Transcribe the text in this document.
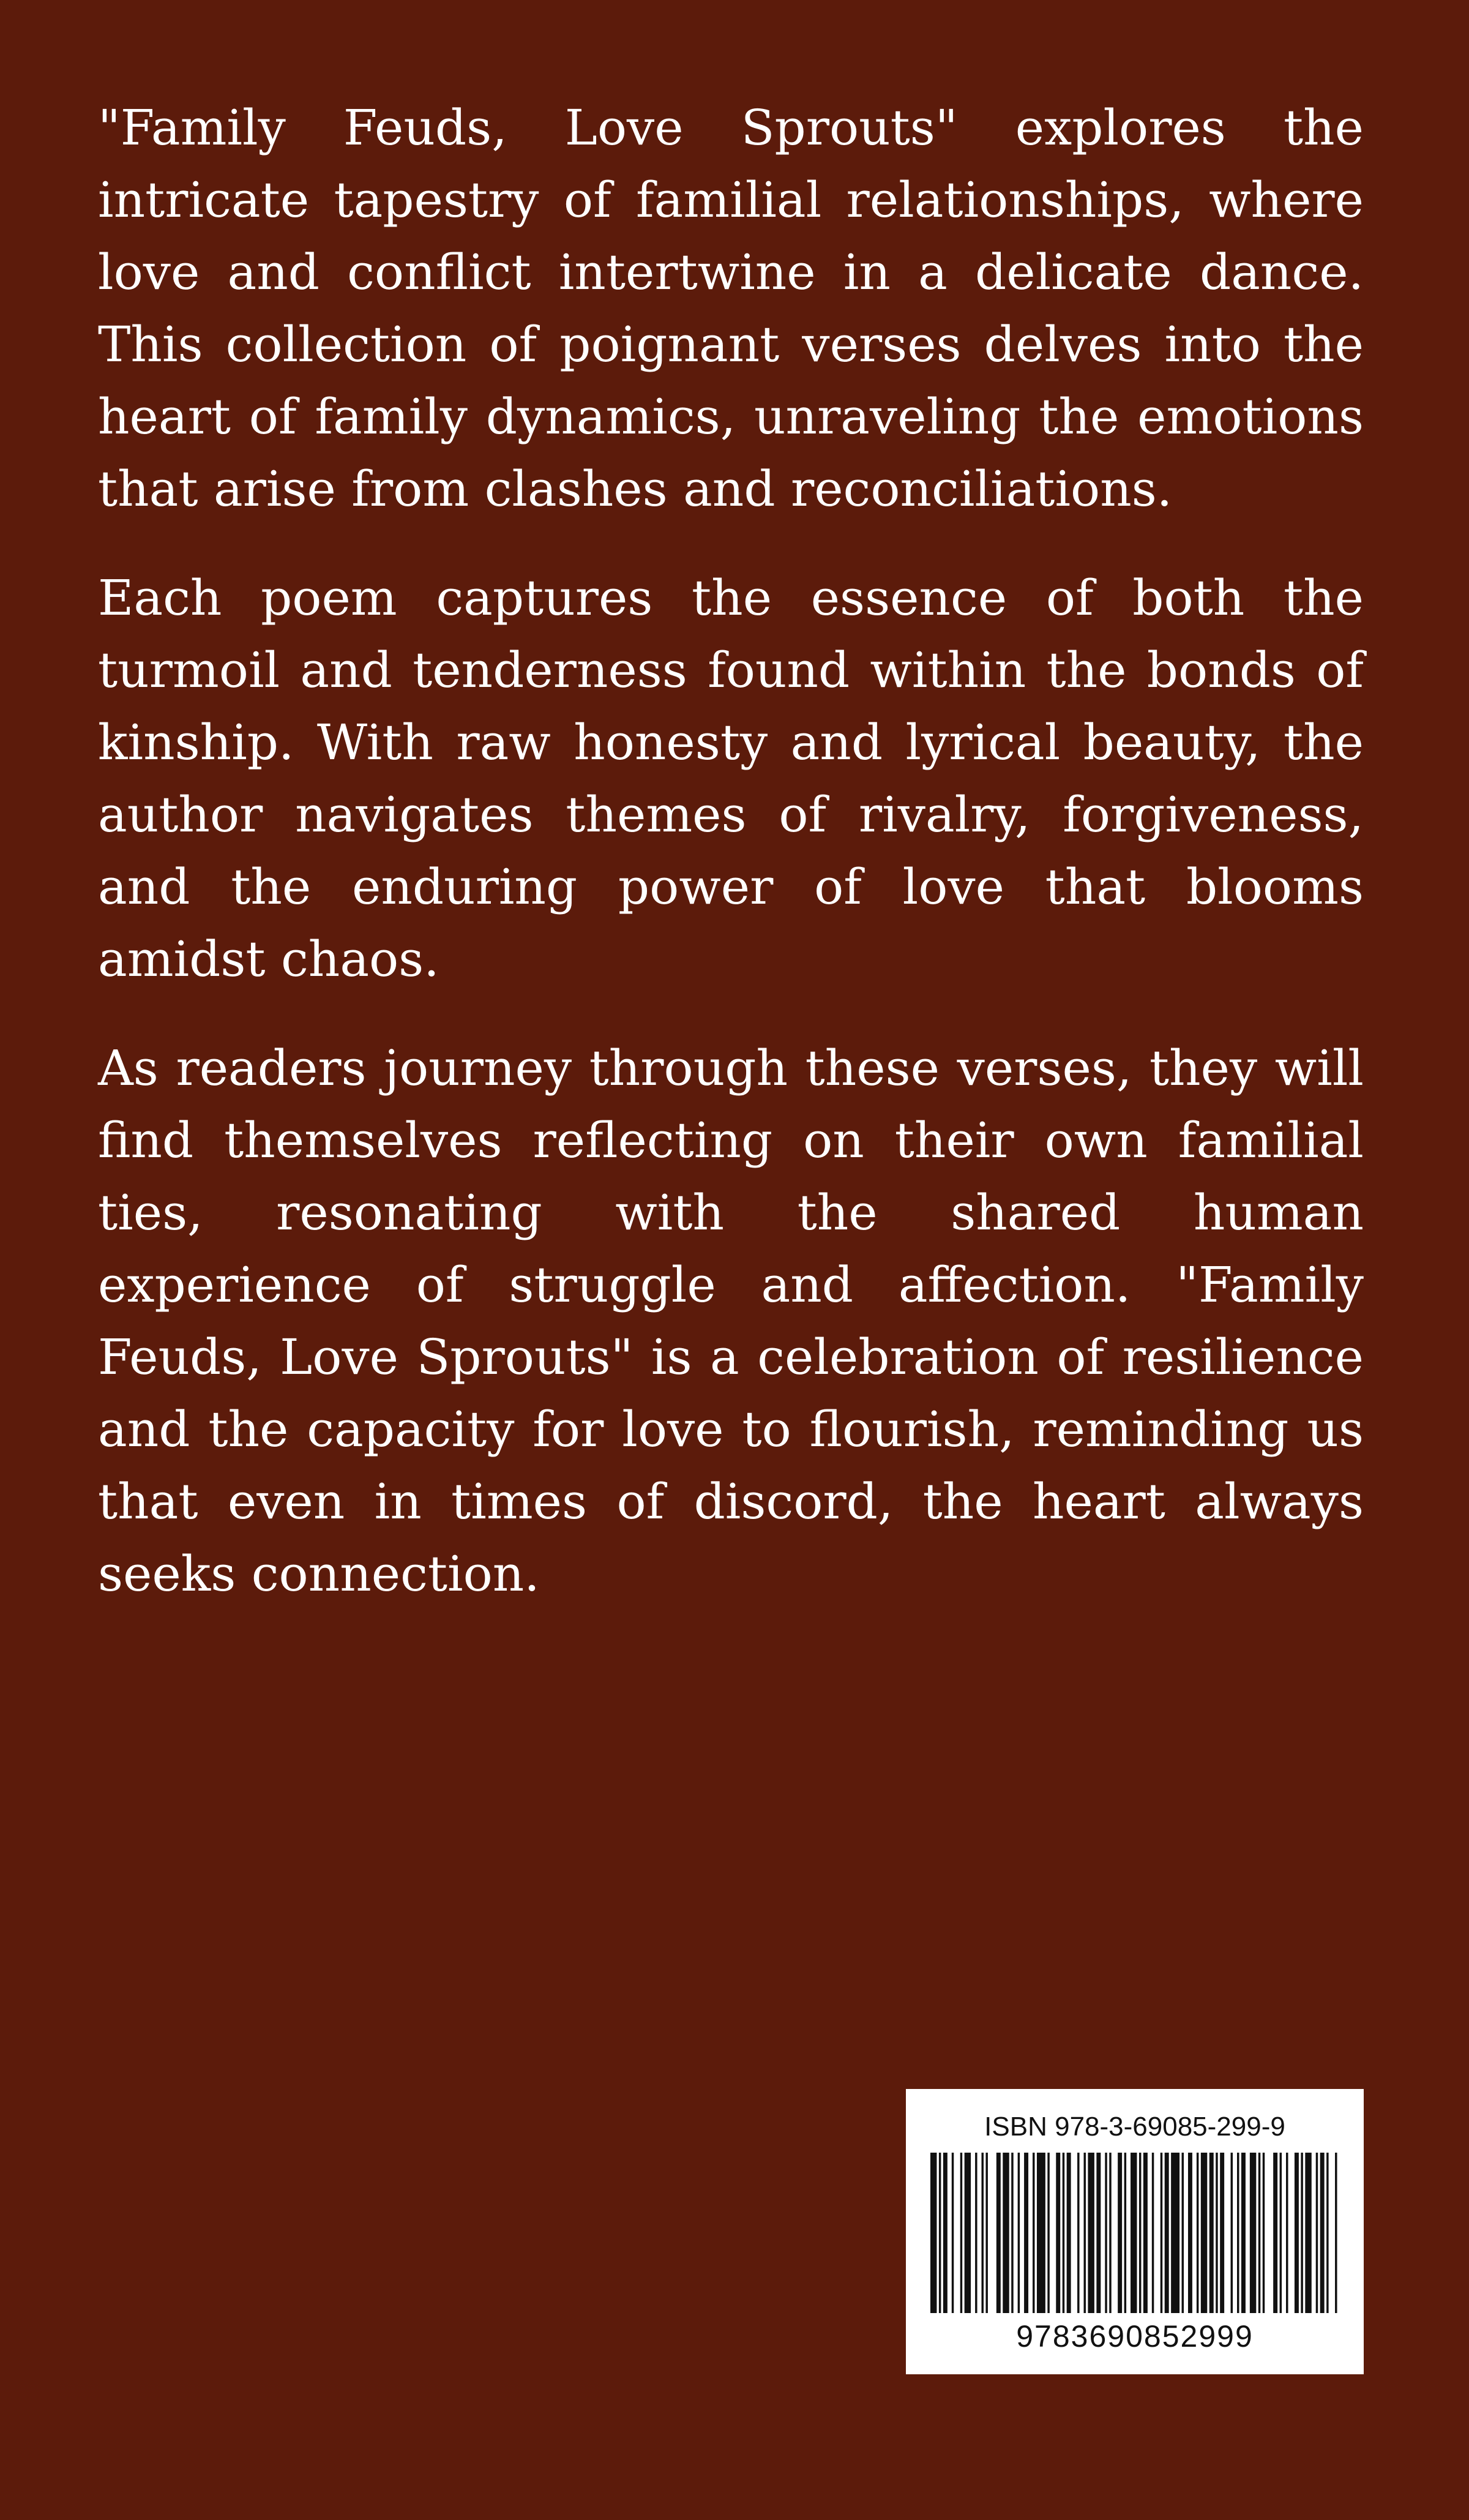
"Family Feuds, Love Sprouts" explores the intricate tapestry of familial relationships, where love and conflict intertwine in a delicate dance. This collection of poignant verses delves into the heart of family dynamics, unraveling the emotions that arise from clashes and reconciliations.

Each poem captures the essence of both the turmoil and tenderness found within the bonds of kinship. With raw honesty and lyrical beauty, the author navigates themes of rivalry, forgiveness, and the enduring power of love that blooms amidst chaos.

As readers journey through these verses, they will find themselves reflecting on their own familial ties, resonating with the shared human experience of struggle and affection. "Family Feuds, Love Sprouts" is a celebration of resilience and the capacity for love to flourish, reminding us that even in times of discord, the heart always seeks connection.

ISBN 978-3-69085-299-9
9783690852999
